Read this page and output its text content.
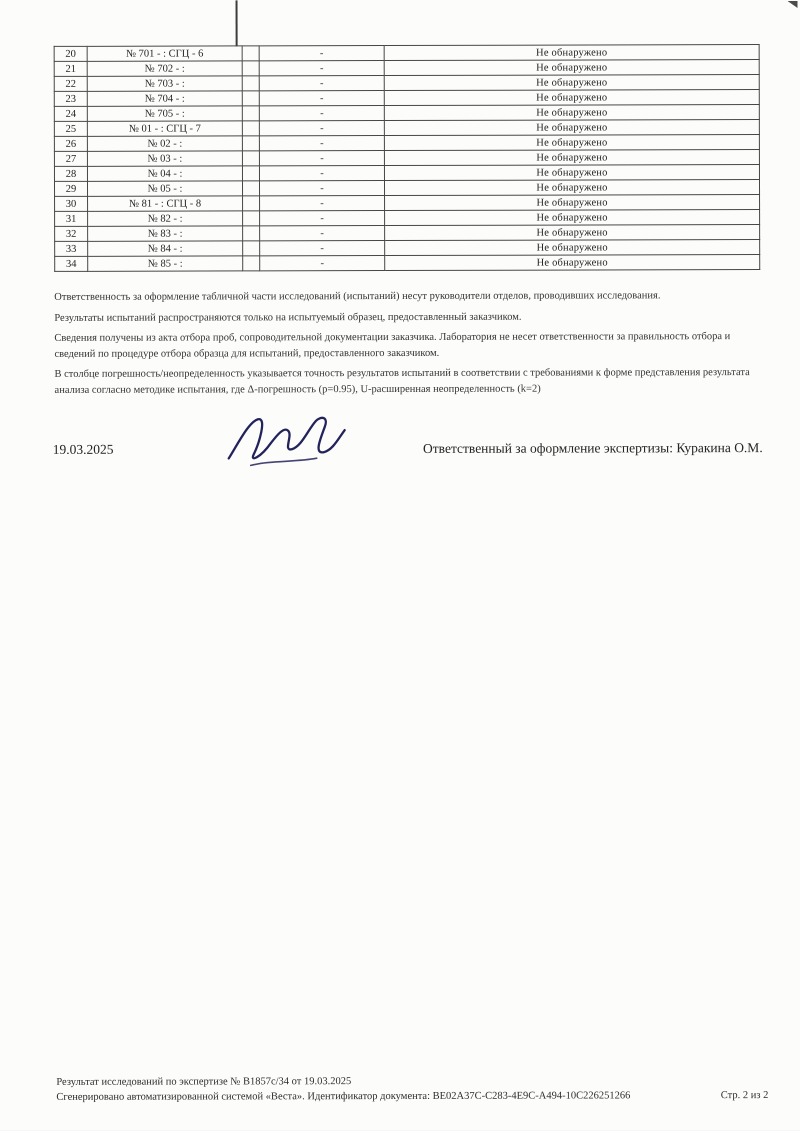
20	№ 701 - : СГЦ - 6		-	Не обнаружено
21	№ 702 - :		-	Не обнаружено
22	№ 703 - :		-	Не обнаружено
23	№ 704 - :		-	Не обнаружено
24	№ 705 - :		-	Не обнаружено
25	№ 01 - : СГЦ - 7		-	Не обнаружено
26	№ 02 - :		-	Не обнаружено
27	№ 03 - :		-	Не обнаружено
28	№ 04 - :		-	Не обнаружено
29	№ 05 - :		-	Не обнаружено
30	№ 81 - : СГЦ - 8		-	Не обнаружено
31	№ 82 - :		-	Не обнаружено
32	№ 83 - :		-	Не обнаружено
33	№ 84 - :		-	Не обнаружено
34	№ 85 - :		-	Не обнаружено

Ответственность за оформление табличной части исследований (испытаний) несут руководители отделов, проводивших исследования.

Результаты испытаний распространяются только на испытуемый образец, предоставленный заказчиком.

Сведения получены из акта отбора проб, сопроводительной документации заказчика. Лаборатория не несет ответственности за правильность отбора и сведений по процедуре отбора образца для испытаний, предоставленного заказчиком.

В столбце погрешность/неопределенность указывается точность результатов испытаний в соответствии с требованиями к форме представления результата анализа согласно методике испытания, где Δ-погрешность (p=0.95), U-расширенная неопределенность (k=2)

19.03.2025	Ответственный за оформление экспертизы: Куракина О.М.
Результат исследований по экспертизе № В1857с/34 от 19.03.2025
Сгенерировано автоматизированной системой «Веста». Идентификатор документа: ВЕ02А37С-С283-4Е9С-А494-10С226251266	Стр. 2 из 2
